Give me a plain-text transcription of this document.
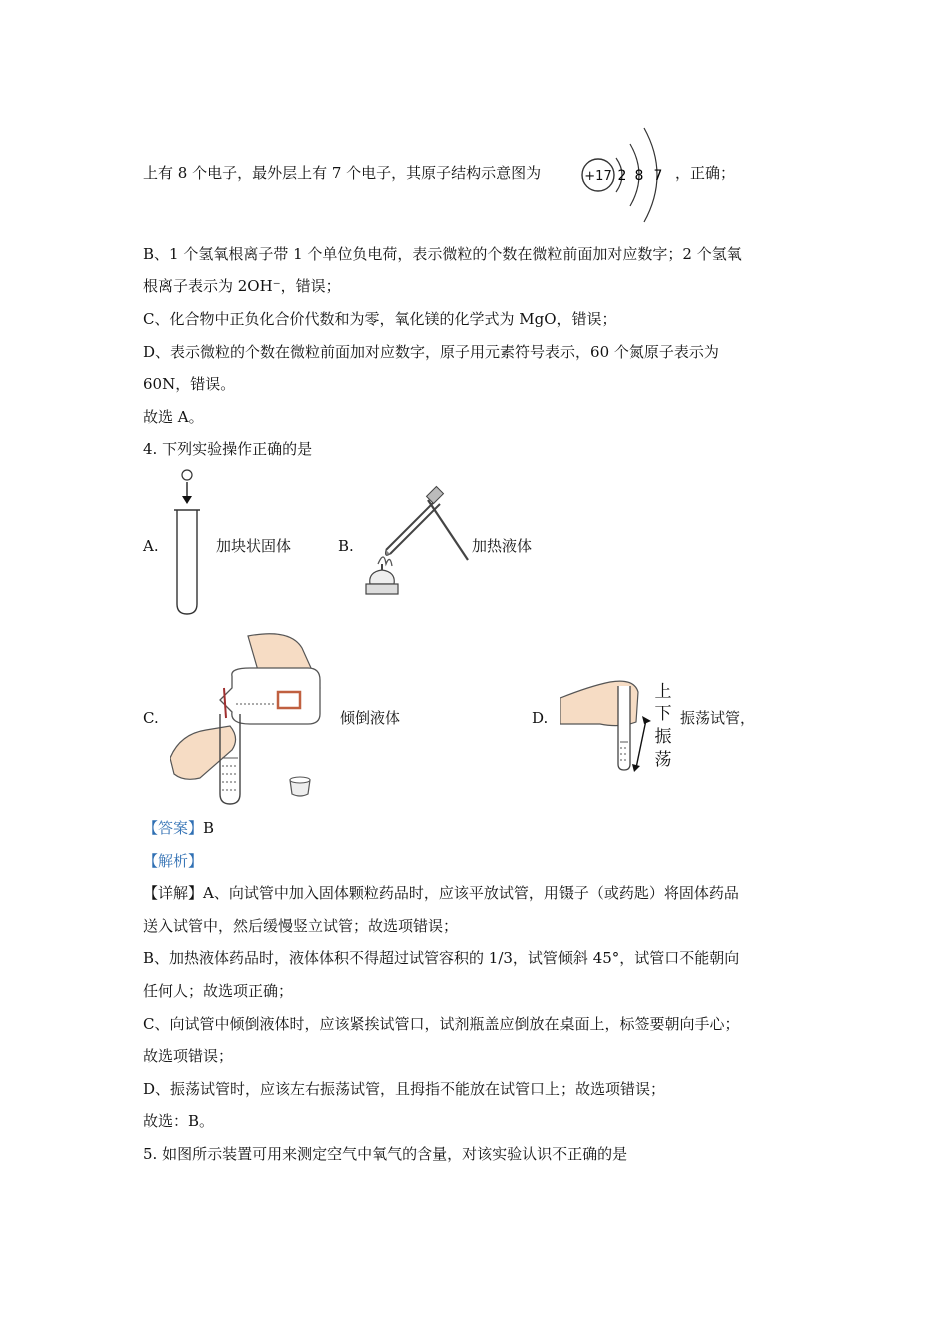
上有 8 个电子，最外层上有 7 个电子，其原子结构示意图为	+17 2 8 7 ，正确；
B、1 个氢氧根离子带 1 个单位负电荷，表示微粒的个数在微粒前面加对应数字；2 个氢氧
根离子表示为 2OH⁻，错误；
C、化合物中正负化合价代数和为零，氧化镁的化学式为 MgO，错误；
D、表示微粒的个数在微粒前面加对应数字，原子用元素符号表示，60 个氮原子表示为
60N，错误。
故选 A。
4. 下列实验操作正确的是
A.	加块状固体	B.	加热液体
C.	倾倒液体	D.
上
下
振
荡
振荡试管，
【答案】B
【解析】
【详解】A、向试管中加入固体颗粒药品时，应该平放试管，用镊子（或药匙）将固体药品
送入试管中，然后缓慢竖立试管；故选项错误；
B、加热液体药品时，液体体积不得超过试管容积的 1/3，试管倾斜 45°，试管口不能朝向
任何人；故选项正确；
C、向试管中倾倒液体时，应该紧挨试管口，试剂瓶盖应倒放在桌面上，标签要朝向手心；
故选项错误；
D、振荡试管时，应该左右振荡试管，且拇指不能放在试管口上；故选项错误；
故选：B。
5. 如图所示装置可用来测定空气中氧气的含量，对该实验认识不正确的是
